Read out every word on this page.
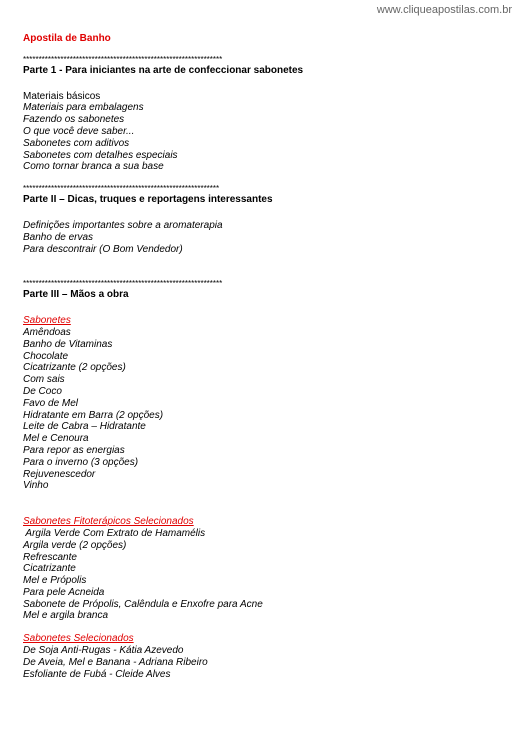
www.cliqueapostilas.com.br
Apostila de Banho
****************************************************************
Parte 1 - Para iniciantes na arte de confeccionar sabonetes
Materiais básicos
Materiais para embalagens
Fazendo os sabonetes
O que você deve saber...
Sabonetes com aditivos
Sabonetes com detalhes especiais
Como tornar branca a sua base
***************************************************************
Parte II – Dicas, truques e reportagens interessantes
Definições importantes sobre a aromaterapia
Banho de ervas
Para descontrair (O Bom Vendedor)
****************************************************************
Parte III – Mãos a obra
Sabonetes
Amêndoas
Banho de Vitaminas
Chocolate
Cicatrizante (2 opções)
Com sais
De Coco
Favo de Mel
Hidratante em Barra (2 opções)
Leite de Cabra – Hidratante
Mel e Cenoura
Para repor as energias
Para o inverno (3 opções)
Rejuvenescedor
Vinho
Sabonetes Fitoterápicos Selecionados
Argila Verde Com Extrato de Hamamélis
Argila verde (2 opções)
Refrescante
Cicatrizante
Mel e Própolis
Para pele Acneida
Sabonete de Própolis, Calêndula e Enxofre para Acne
Mel e argila branca
Sabonetes Selecionados
De Soja Anti-Rugas - Kátia Azevedo
De Aveia, Mel e Banana - Adriana Ribeiro
Esfoliante de Fubá - Cleide Alves
